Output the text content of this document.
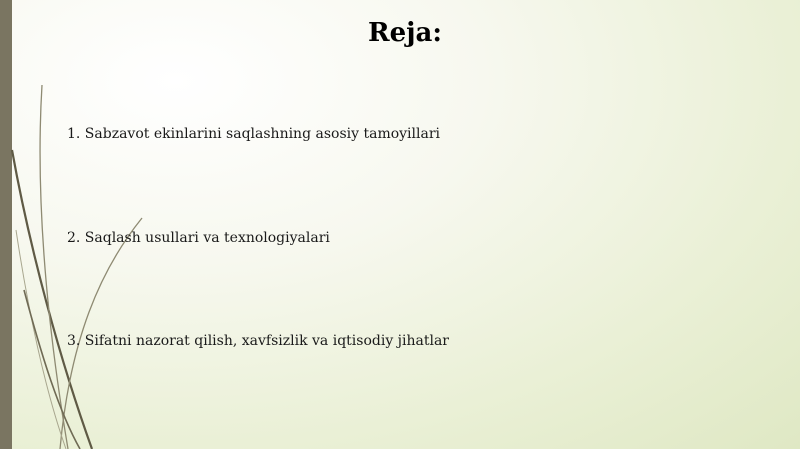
Reja:
1. Sabzavot ekinlarini saqlashning asosiy tamoyillari
2. Saqlash usullari va texnologiyalari
3. Sifatni nazorat qilish, xavfsizlik va iqtisodiy jihatlar
